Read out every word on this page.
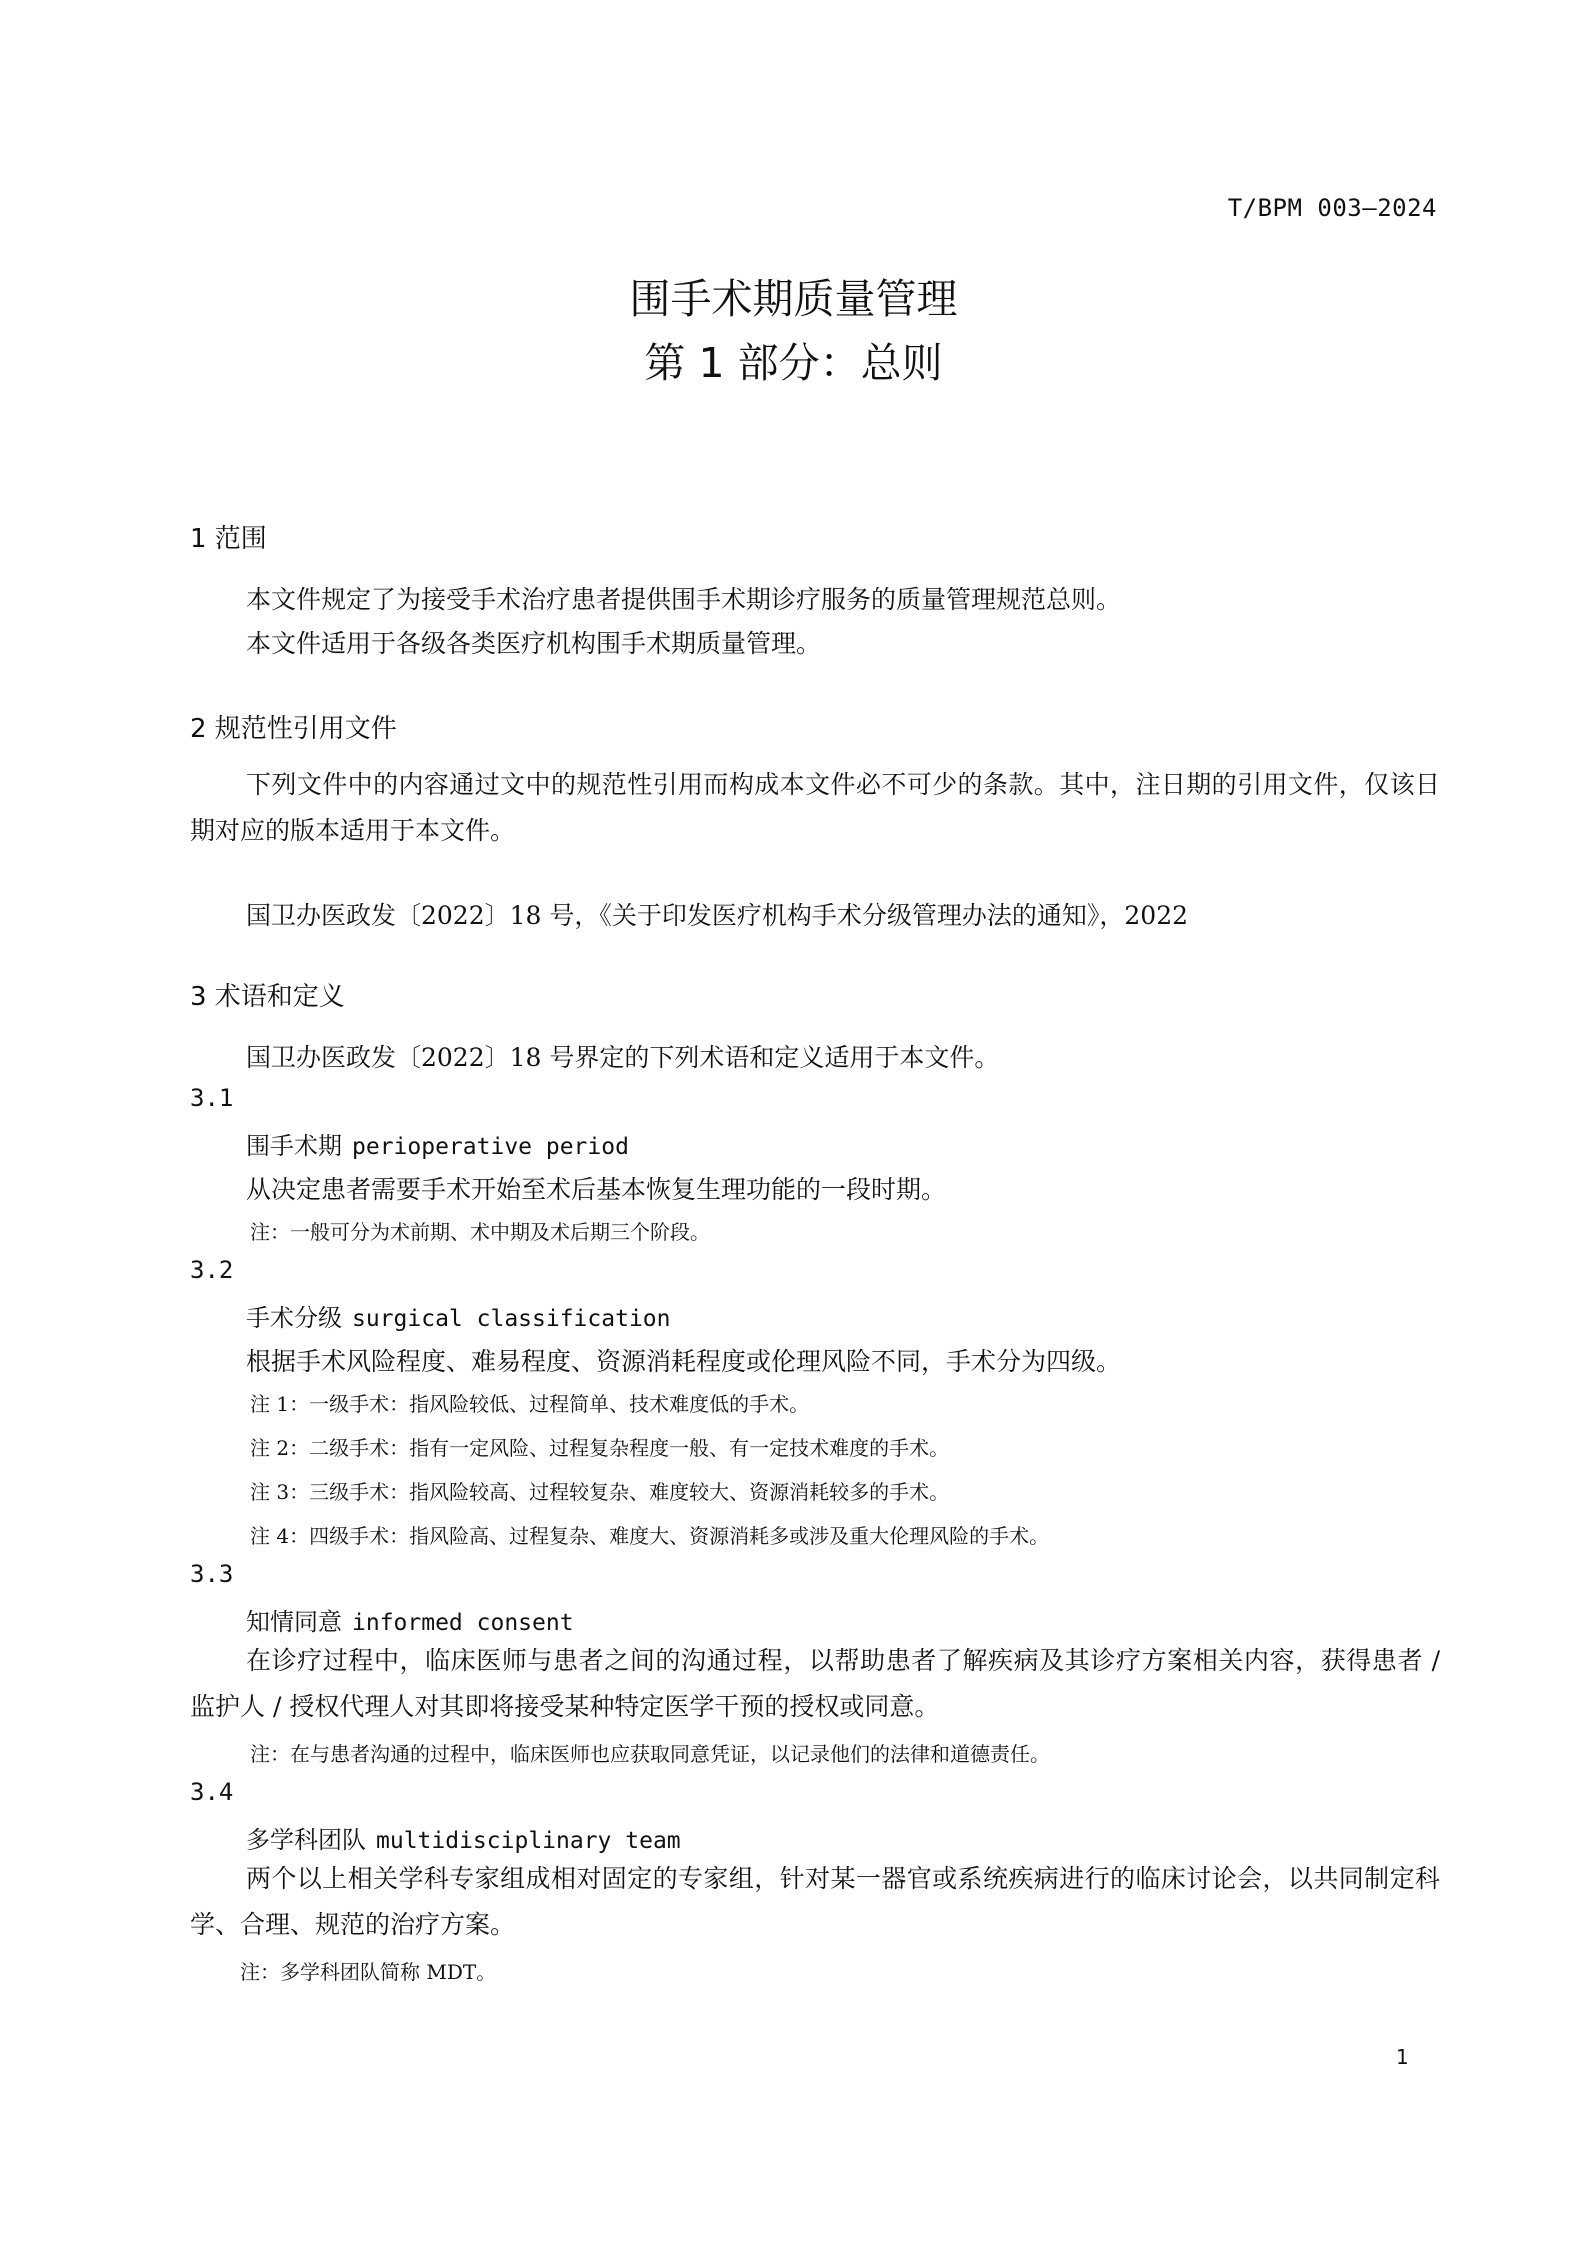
T/BPM 003—2024
围手术期质量管理
第 1 部分：总则
1 范围
本文件规定了为接受手术治疗患者提供围手术期诊疗服务的质量管理规范总则。
本文件适用于各级各类医疗机构围手术期质量管理。
2 规范性引用文件
下列文件中的内容通过文中的规范性引用而构成本文件必不可少的条款。其中，注日期的引用文件，仅该日期对应的版本适用于本文件。
国卫办医政发〔2022〕18 号，《关于印发医疗机构手术分级管理办法的通知》，2022
3 术语和定义
国卫办医政发〔2022〕18 号界定的下列术语和定义适用于本文件。
3.1
围手术期 perioperative period
从决定患者需要手术开始至术后基本恢复生理功能的一段时期。
注：一般可分为术前期、术中期及术后期三个阶段。
3.2
手术分级 surgical classification
根据手术风险程度、难易程度、资源消耗程度或伦理风险不同，手术分为四级。
注 1：一级手术：指风险较低、过程简单、技术难度低的手术。
注 2：二级手术：指有一定风险、过程复杂程度一般、有一定技术难度的手术。
注 3：三级手术：指风险较高、过程较复杂、难度较大、资源消耗较多的手术。
注 4：四级手术：指风险高、过程复杂、难度大、资源消耗多或涉及重大伦理风险的手术。
3.3
知情同意 informed consent
在诊疗过程中，临床医师与患者之间的沟通过程，以帮助患者了解疾病及其诊疗方案相关内容，获得患者 / 监护人 / 授权代理人对其即将接受某种特定医学干预的授权或同意。
注：在与患者沟通的过程中，临床医师也应获取同意凭证，以记录他们的法律和道德责任。
3.4
多学科团队 multidisciplinary team
两个以上相关学科专家组成相对固定的专家组，针对某一器官或系统疾病进行的临床讨论会，以共同制定科学、合理、规范的治疗方案。
注：多学科团队简称 MDT。
1
